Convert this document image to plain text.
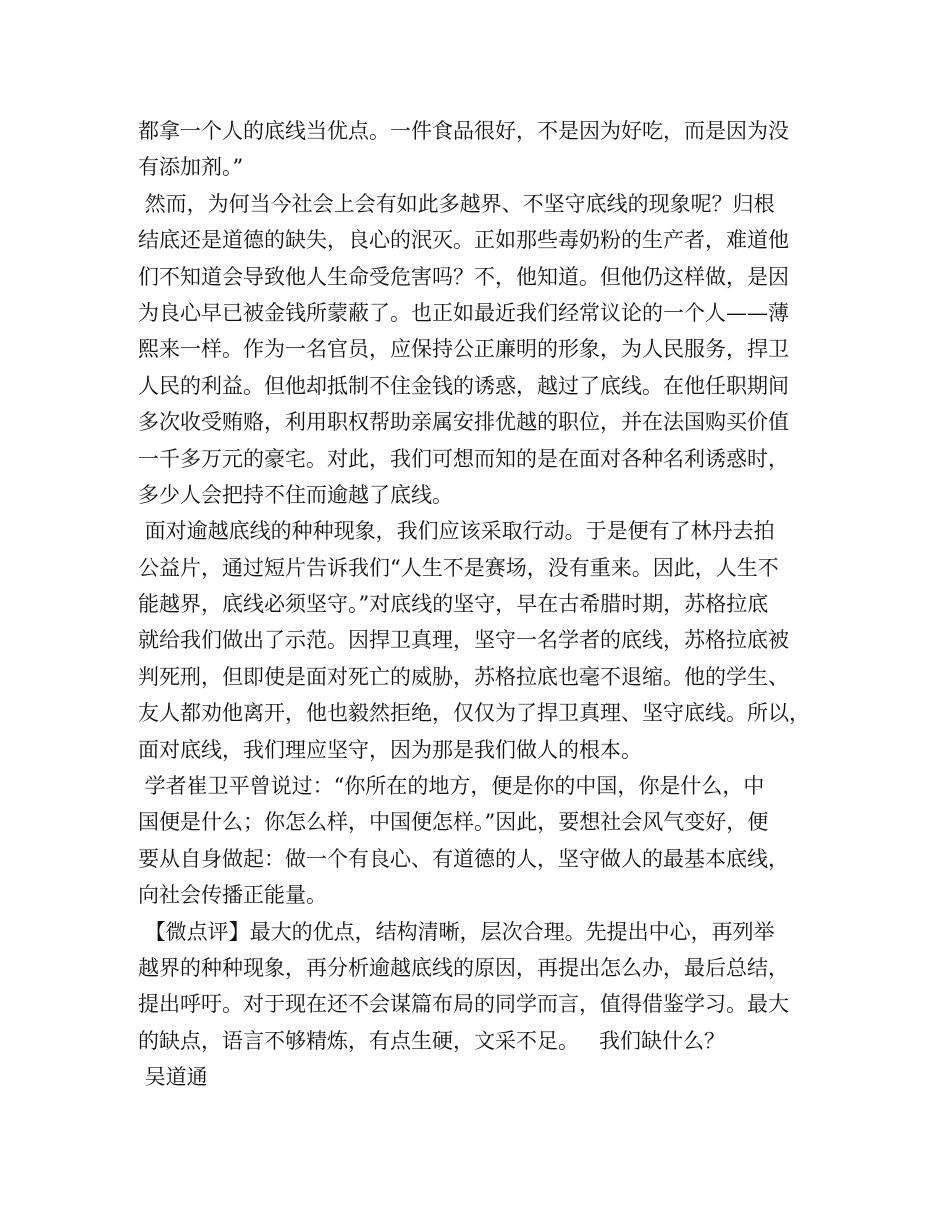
都拿一个人的底线当优点。一件食品很好，不是因为好吃，而是因为没
有添加剂。”
然而，为何当今社会上会有如此多越界、不坚守底线的现象呢？归根
结底还是道德的缺失，良心的泯灭。正如那些毒奶粉的生产者，难道他
们不知道会导致他人生命受危害吗？不，他知道。但他仍这样做，是因
为良心早已被金钱所蒙蔽了。也正如最近我们经常议论的一个人——薄
熙来一样。作为一名官员，应保持公正廉明的形象，为人民服务，捍卫
人民的利益。但他却抵制不住金钱的诱惑，越过了底线。在他任职期间
多次收受贿赂，利用职权帮助亲属安排优越的职位，并在法国购买价值
一千多万元的豪宅。对此，我们可想而知的是在面对各种名利诱惑时，
多少人会把持不住而逾越了底线。
面对逾越底线的种种现象，我们应该采取行动。于是便有了林丹去拍
公益片，通过短片告诉我们“人生不是赛场，没有重来。因此，人生不
能越界，底线必须坚守。”对底线的坚守，早在古希腊时期，苏格拉底
就给我们做出了示范。因捍卫真理，坚守一名学者的底线，苏格拉底被
判死刑，但即使是面对死亡的威胁，苏格拉底也毫不退缩。他的学生、
友人都劝他离开，他也毅然拒绝，仅仅为了捍卫真理、坚守底线。所以，
面对底线，我们理应坚守，因为那是我们做人的根本。
学者崔卫平曾说过：“你所在的地方，便是你的中国，你是什么，中
国便是什么；你怎么样，中国便怎样。”因此，要想社会风气变好，便
要从自身做起：做一个有良心、有道德的人，坚守做人的最基本底线，
向社会传播正能量。
【微点评】最大的优点，结构清晰，层次合理。先提出中心，再列举
越界的种种现象，再分析逾越底线的原因，再提出怎么办，最后总结，
提出呼吁。对于现在还不会谋篇布局的同学而言，值得借鉴学习。最大
的缺点，语言不够精炼，有点生硬，文采不足。   我们缺什么？
吴道通
